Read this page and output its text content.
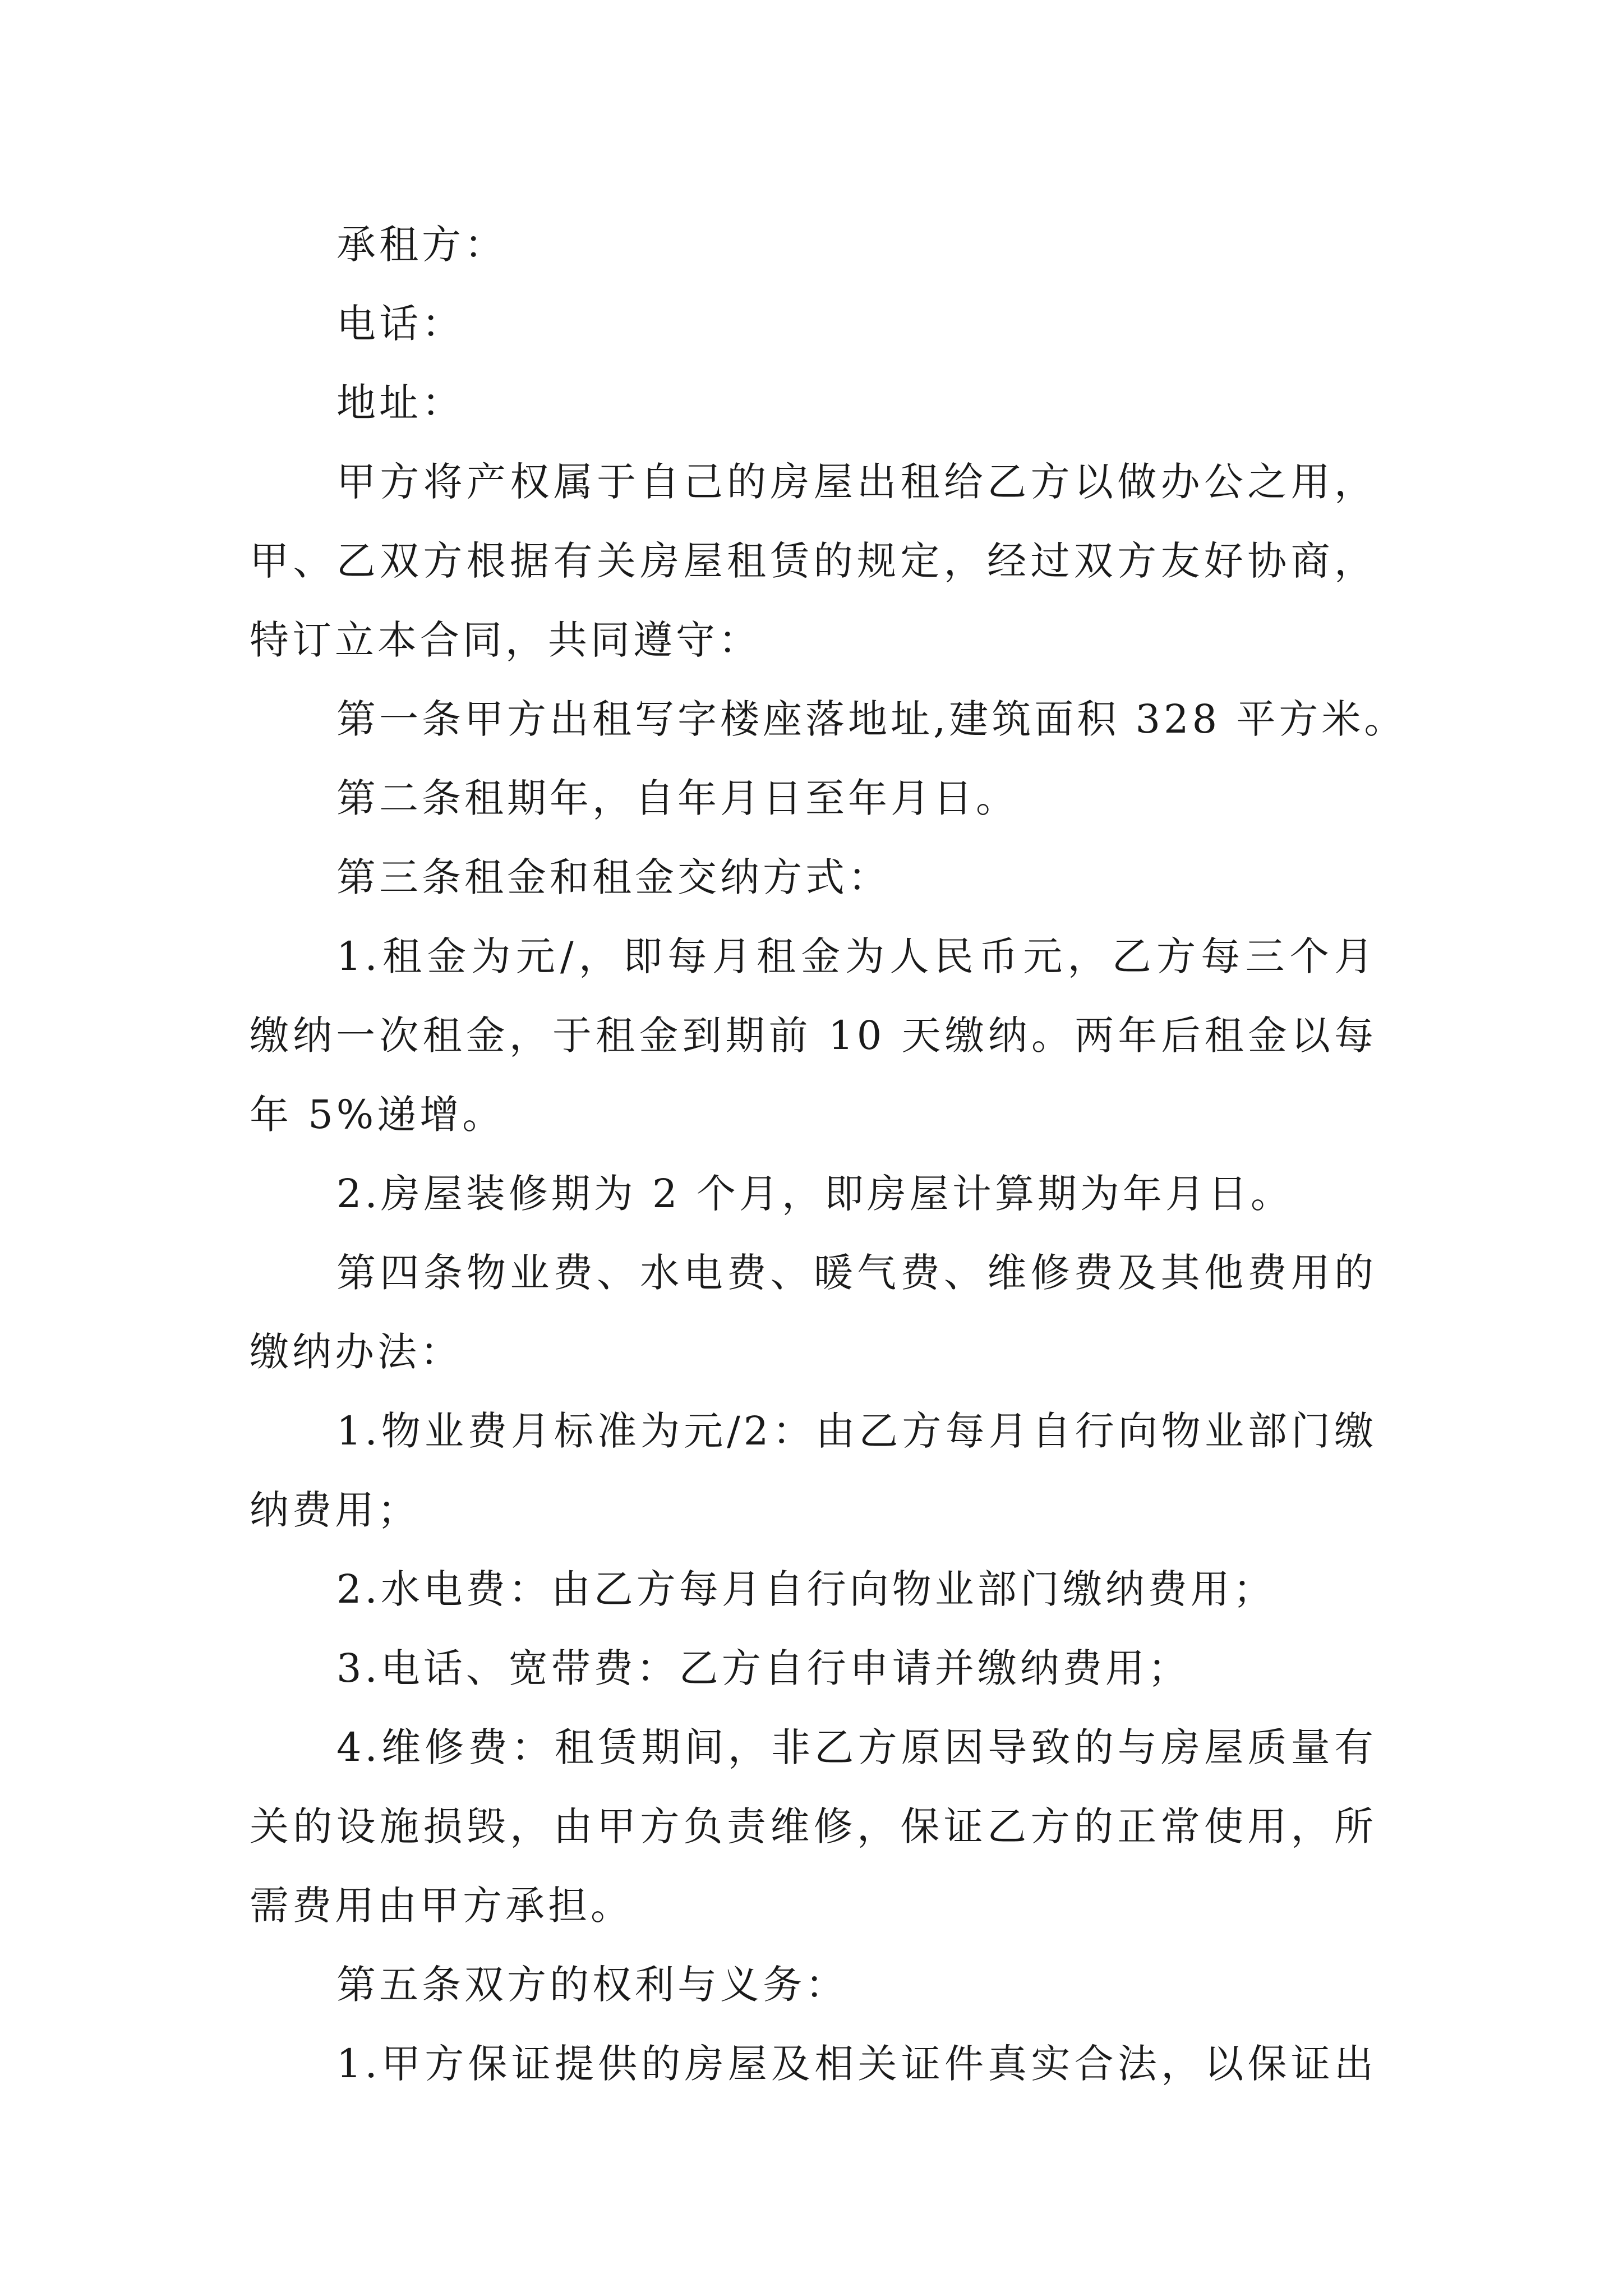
承租方：
电话：
地址：
甲方将产权属于自己的房屋出租给乙方以做办公之用，
甲、乙双方根据有关房屋租赁的规定，经过双方友好协商，
特订立本合同，共同遵守：
第一条甲方出租写字楼座落地址,建筑面积 328 平方米。
第二条租期年，自年月日至年月日。
第三条租金和租金交纳方式：
1.租金为元/，即每月租金为人民币元，乙方每三个月
缴纳一次租金，于租金到期前 10 天缴纳。两年后租金以每
年 5%递增。
2.房屋装修期为 2 个月，即房屋计算期为年月日。
第四条物业费、水电费、暖气费、维修费及其他费用的
缴纳办法：
1.物业费月标准为元/2：由乙方每月自行向物业部门缴
纳费用；
2.水电费：由乙方每月自行向物业部门缴纳费用；
3.电话、宽带费：乙方自行申请并缴纳费用；
4.维修费：租赁期间，非乙方原因导致的与房屋质量有
关的设施损毁，由甲方负责维修，保证乙方的正常使用，所
需费用由甲方承担。
第五条双方的权利与义务：
1.甲方保证提供的房屋及相关证件真实合法，以保证出
